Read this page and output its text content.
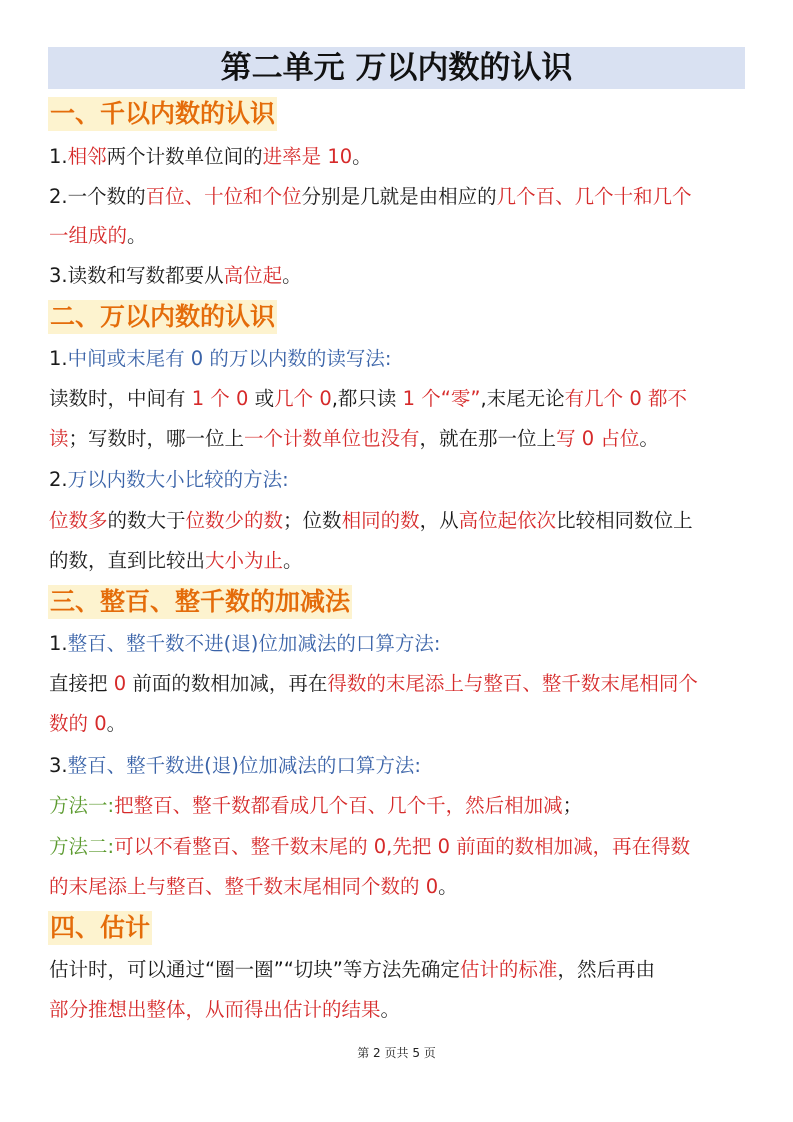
第二单元 万以内数的认识
一、千以内数的认识
1.相邻两个计数单位间的进率是 10。
2.一个数的百位、十位和个位分别是几就是由相应的几个百、几个十和几个
一组成的。
3.读数和写数都要从高位起。
二、万以内数的认识
1.中间或末尾有 0 的万以内数的读写法:
读数时，中间有 1 个 0 或几个 0,都只读 1 个“零”,末尾无论有几个 0 都不
读；写数时，哪一位上一个计数单位也没有，就在那一位上写 0 占位。
2.万以内数大小比较的方法:
位数多的数大于位数少的数；位数相同的数，从高位起依次比较相同数位上
的数，直到比较出大小为止。
三、整百、整千数的加减法
1.整百、整千数不进(退)位加减法的口算方法:
直接把 0 前面的数相加减，再在得数的末尾添上与整百、整千数末尾相同个
数的 0。
3.整百、整千数进(退)位加减法的口算方法:
方法一:把整百、整千数都看成几个百、几个千，然后相加减；
方法二:可以不看整百、整千数末尾的 0,先把 0 前面的数相加减，再在得数
的末尾添上与整百、整千数末尾相同个数的 0。
四、估计
估计时，可以通过“圈一圈”“切块”等方法先确定估计的标准，然后再由
部分推想出整体，从而得出估计的结果。
第 2 页共 5 页
